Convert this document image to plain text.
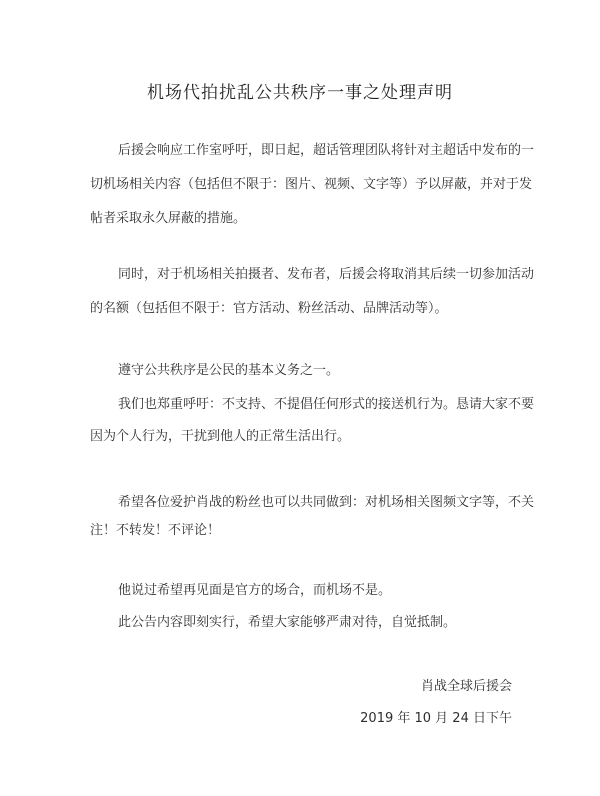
机场代拍扰乱公共秩序一事之处理声明
后援会响应工作室呼吁，即日起，超话管理团队将针对主超话中发布的一
切机场相关内容（包括但不限于：图片、视频、文字等）予以屏蔽，并对于发
帖者采取永久屏蔽的措施。
同时，对于机场相关拍摄者、发布者，后援会将取消其后续一切参加活动
的名额（包括但不限于：官方活动、粉丝活动、品牌活动等）。
遵守公共秩序是公民的基本义务之一。
我们也郑重呼吁：不支持、不提倡任何形式的接送机行为。恳请大家不要
因为个人行为，干扰到他人的正常生活出行。
希望各位爱护肖战的粉丝也可以共同做到：对机场相关图频文字等，不关
注！不转发！不评论！
他说过希望再见面是官方的场合，而机场不是。
此公告内容即刻实行，希望大家能够严肃对待，自觉抵制。
肖战全球后援会
2019 年 10 月 24 日下午
